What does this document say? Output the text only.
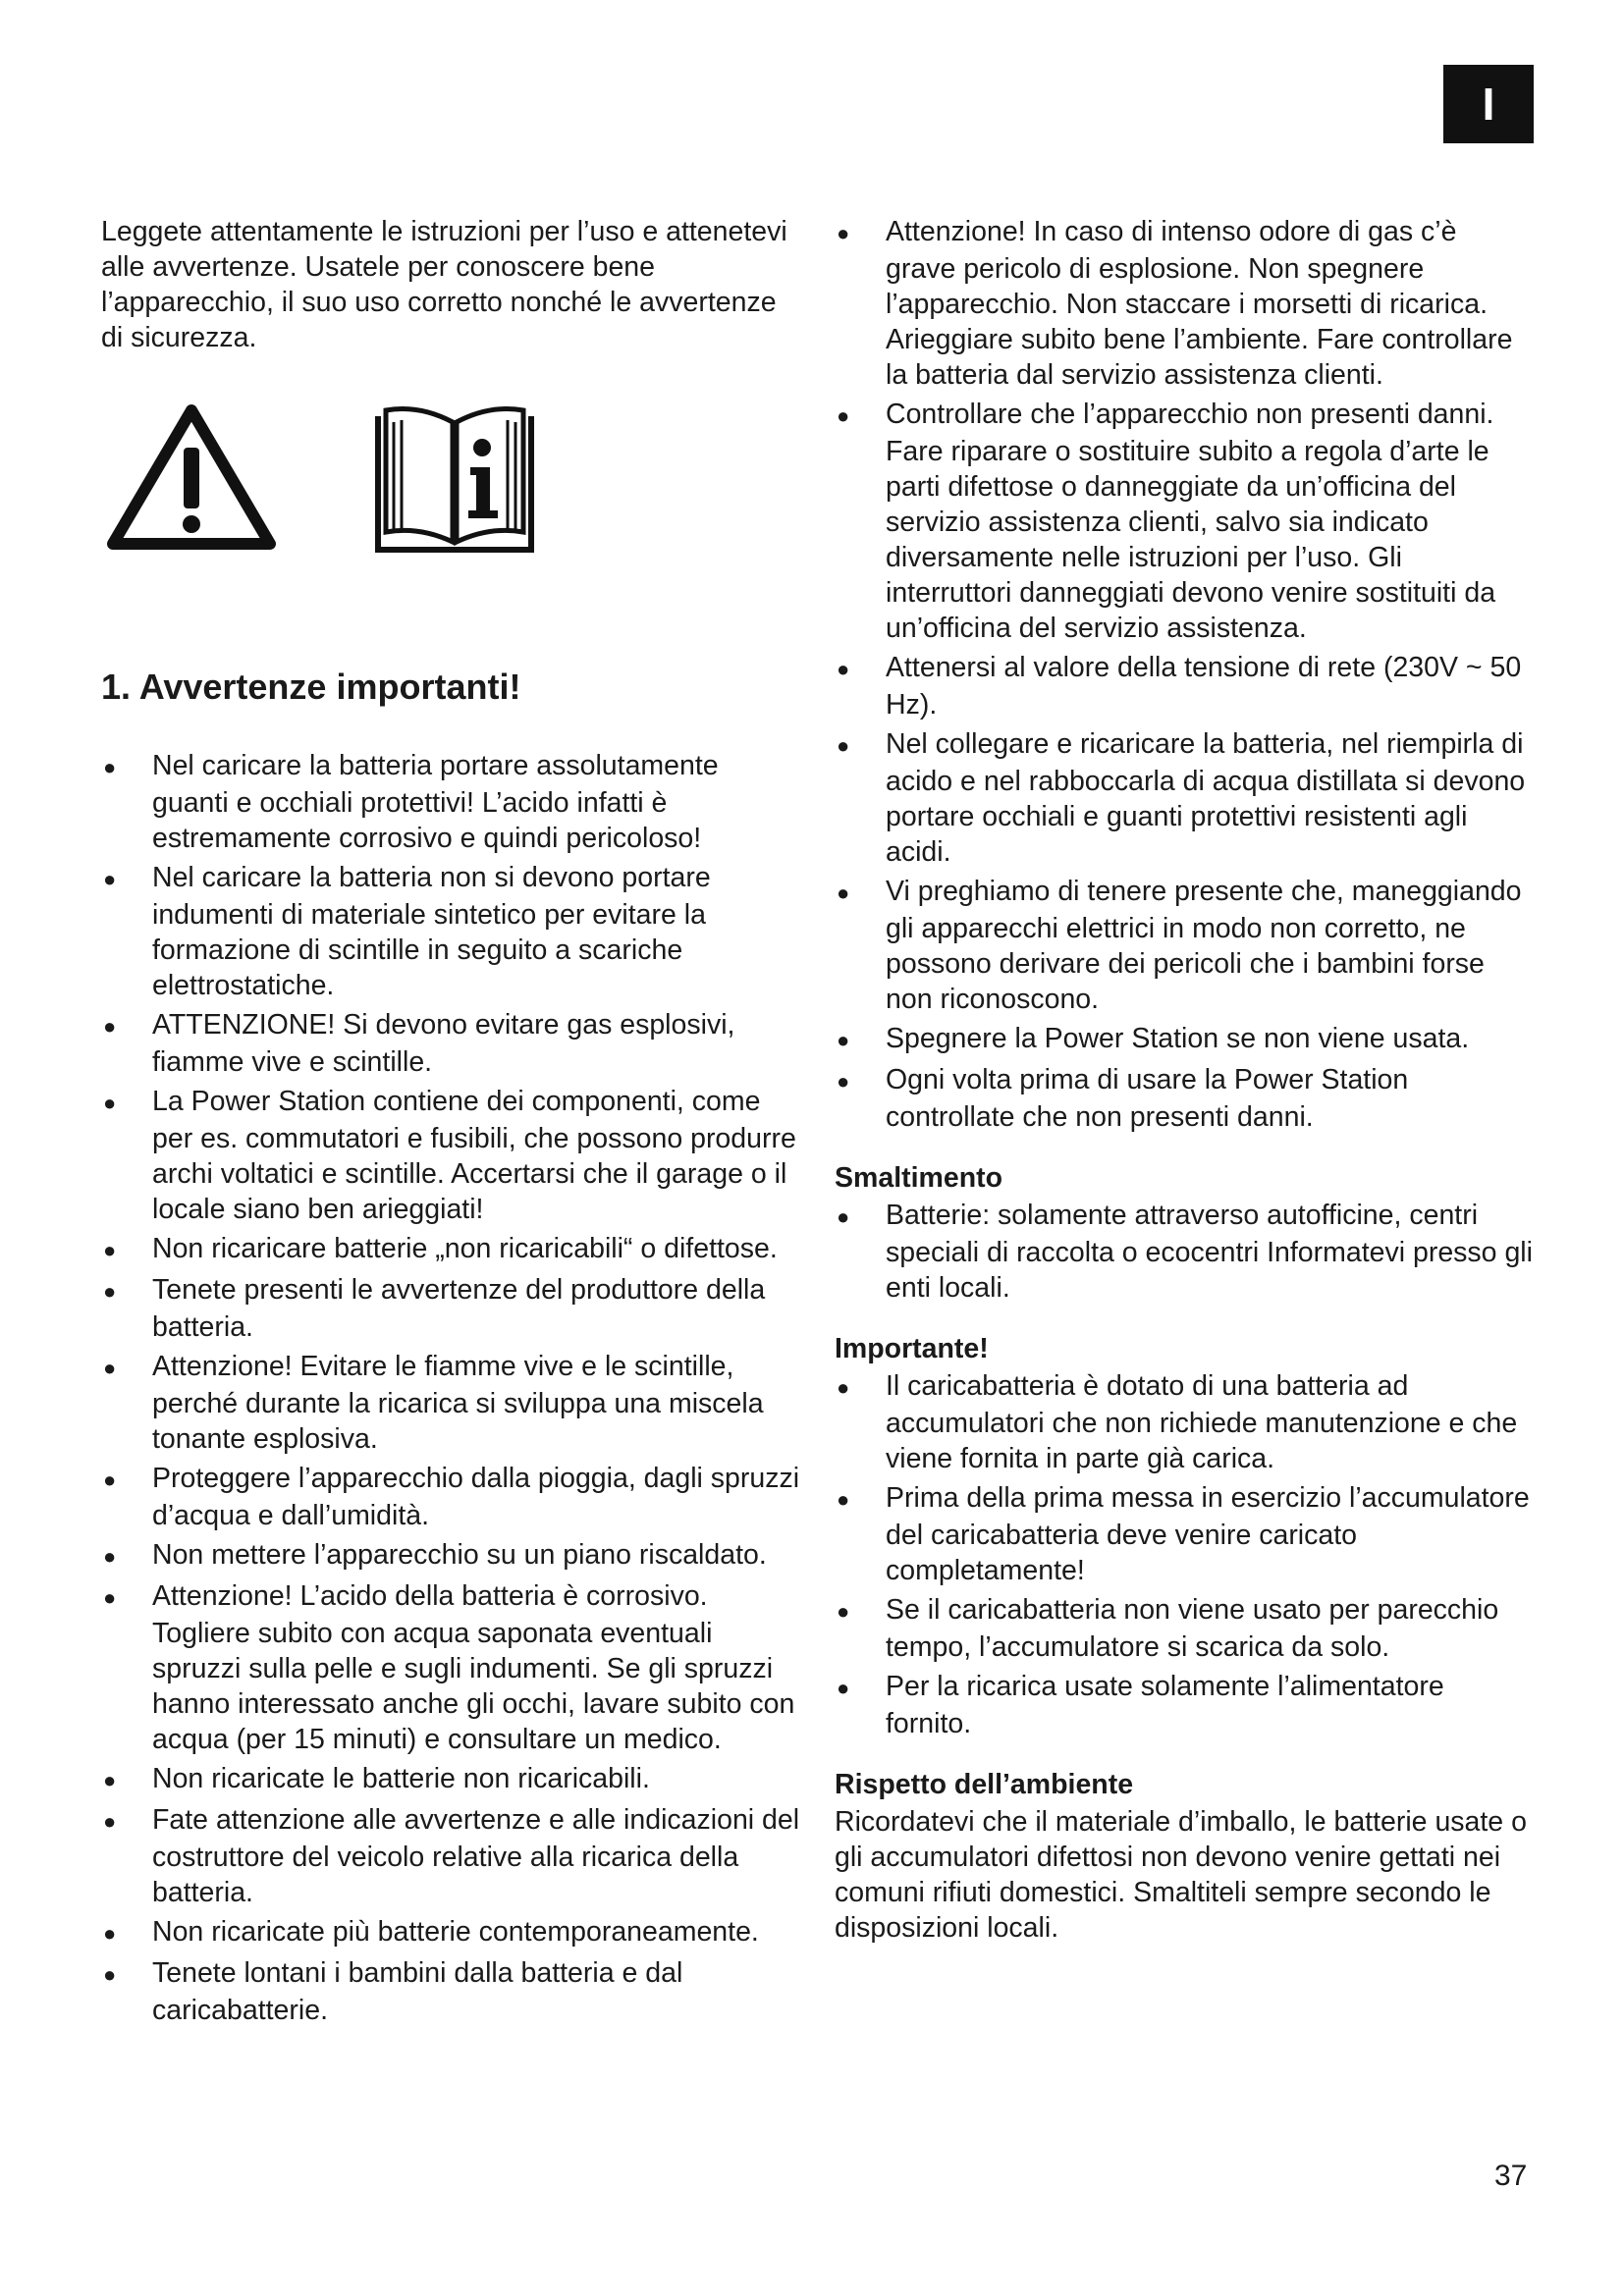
I

Leggete attentamente le istruzioni per l’uso e attenetevi alle avvertenze. Usatele per conoscere bene l’apparecchio, il suo uso corretto nonché le avvertenze di sicurezza.

1. Avvertenze importanti!
●Nel caricare la batteria portare assolutamente guanti e occhiali protettivi! L’acido infatti è estremamente corrosivo e quindi pericoloso!
●Nel caricare la batteria non si devono portare indumenti di materiale sintetico per evitare la formazione di scintille in seguito a scariche elettrostatiche.
●ATTENZIONE! Si devono evitare gas esplosivi, fiamme vive e scintille.
●La Power Station contiene dei componenti, come per es. commutatori e fusibili, che possono produrre archi voltatici e scintille. Accertarsi che il garage o il locale siano ben arieggiati!
●Non ricaricare batterie „non ricaricabili“ o difettose.
●Tenete presenti le avvertenze del produttore della batteria.
●Attenzione! Evitare le fiamme vive e le scintille, perché durante la ricarica si sviluppa una miscela tonante esplosiva.
●Proteggere l’apparecchio dalla pioggia, dagli spruzzi d’acqua e dall’umidità.
●Non mettere l’apparecchio su un piano riscaldato.
●Attenzione! L’acido della batteria è corrosivo. Togliere subito con acqua saponata eventuali spruzzi sulla pelle e sugli indumenti. Se gli spruzzi hanno interessato anche gli occhi, lavare subito con acqua (per 15 minuti) e consultare un medico.
●Non ricaricate le batterie non ricaricabili.
●Fate attenzione alle avvertenze e alle indicazioni del costruttore del veicolo relative alla ricarica della batteria.
●Non ricaricate più batterie contemporaneamente.
●Tenete lontani i bambini dalla batteria e dal caricabatterie.
●Attenzione! In caso di intenso odore di gas c’è grave pericolo di esplosione. Non spegnere l’apparecchio. Non staccare i morsetti di ricarica. Arieggiare subito bene l’ambiente. Fare controllare la batteria dal servizio assistenza clienti.
●Controllare che l’apparecchio non presenti danni. Fare riparare o sostituire subito a regola d’arte le parti difettose o danneggiate da un’officina del servizio assistenza clienti, salvo sia indicato diversamente nelle istruzioni per l’uso. Gli interruttori danneggiati devono venire sostituiti da un’officina del servizio assistenza.
●Attenersi al valore della tensione di rete (230V ~ 50 Hz).
●Nel collegare e ricaricare la batteria, nel riempirla di acido e nel rabboccarla di acqua distillata si devono portare occhiali e guanti protettivi resistenti agli acidi.
●Vi preghiamo di tenere presente che, maneggiando gli apparecchi elettrici in modo non corretto, ne possono derivare dei pericoli che i bambini forse non riconoscono.
●Spegnere la Power Station se non viene usata.
●Ogni volta prima di usare la Power Station controllate che non presenti danni.
Smaltimento
●Batterie: solamente attraverso autofficine, centri speciali di raccolta o ecocentri Informatevi presso gli enti locali.
Importante!
●Il caricabatteria è dotato di una batteria ad accumulatori che non richiede manutenzione e che viene fornita in parte già carica.
●Prima della prima messa in esercizio l’accumulatore del caricabatteria deve venire caricato completamente!
●Se il caricabatteria non viene usato per parecchio tempo, l’accumulatore si scarica da solo.
●Per la ricarica usate solamente l’alimentatore fornito.
Rispetto dell’ambiente

Ricordatevi che il materiale d’imballo, le batterie usate o gli accumulatori difettosi non devono venire gettati nei comuni rifiuti domestici. Smaltiteli sempre secondo le disposizioni locali.

37
